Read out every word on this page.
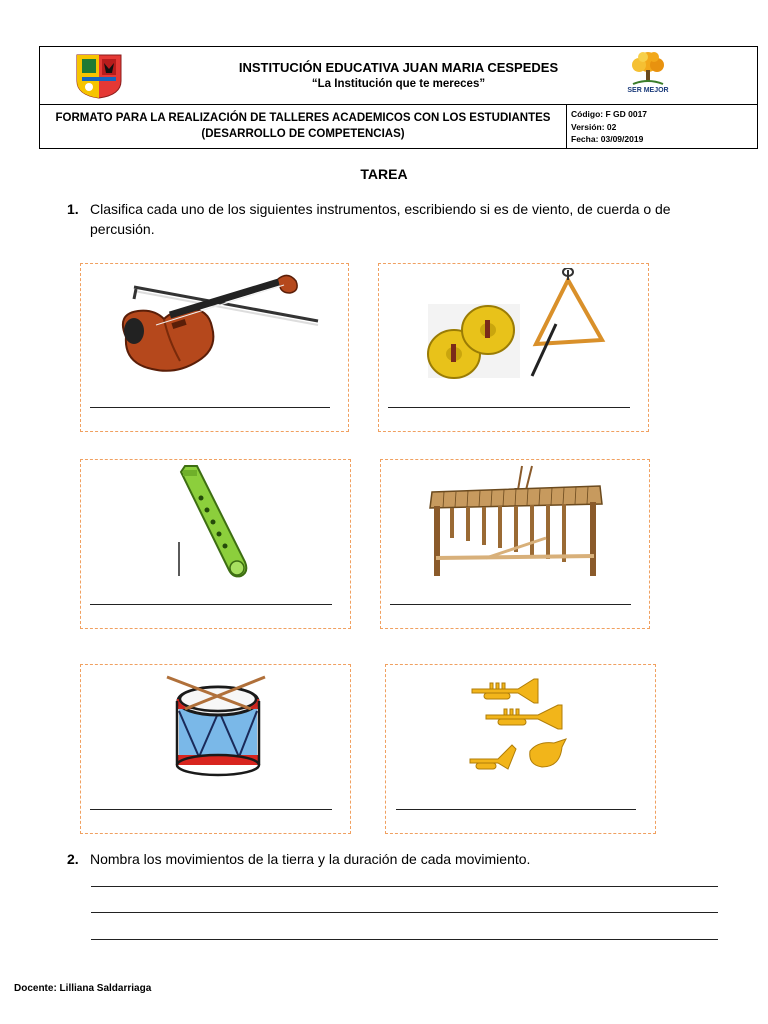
INSTITUCIÓN EDUCATIVA JUAN MARIA CESPEDES
“La Institución que te mereces”
SER MEJOR
FORMATO PARA LA REALIZACIÓN DE TALLERES ACADEMICOS CON LOS ESTUDIANTES
(DESARROLLO DE COMPETENCIAS)
Código: F GD 0017
Versión: 02
Fecha: 03/09/2019
TAREA
1. Clasifica cada uno de los siguientes instrumentos, escribiendo si es de viento, de cuerda o de
percusión.
2. Nombra los movimientos de la tierra y la duración de cada movimiento.
Docente: Lilliana Saldarriaga
